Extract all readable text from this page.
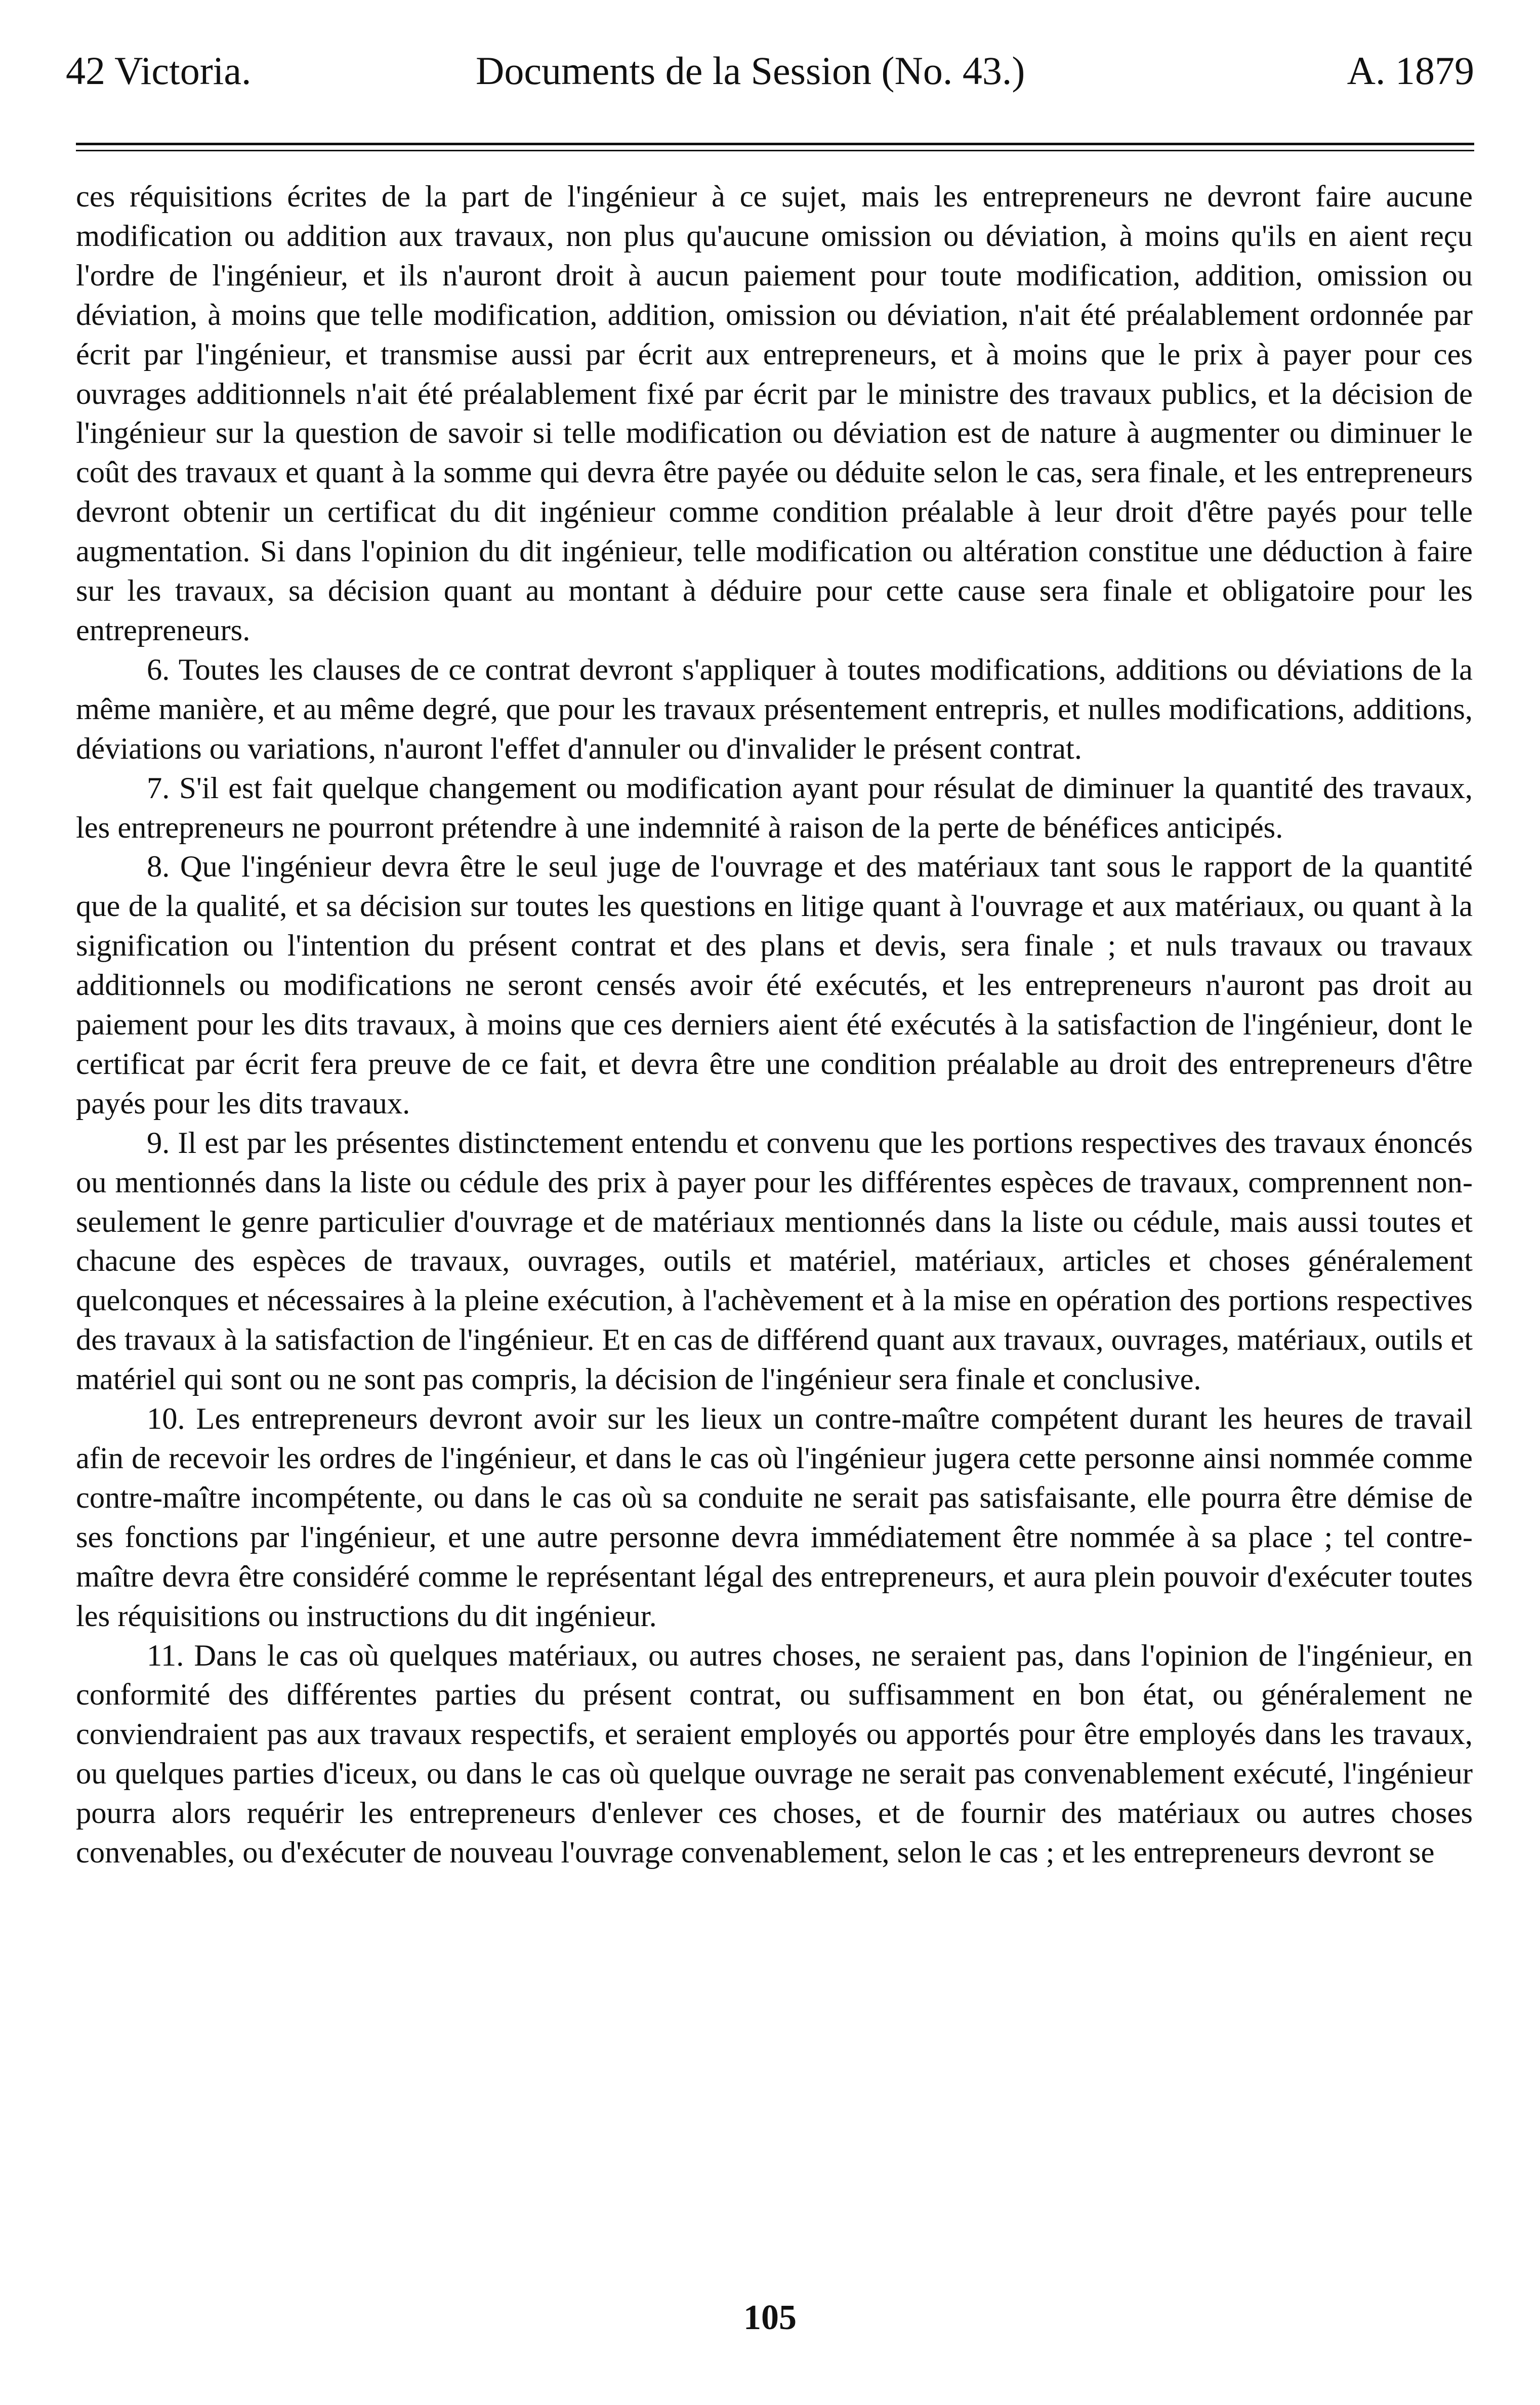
42 Victoria.	Documents de la Session (No. 43.)	A. 1879

ces réquisitions écrites de la part de l'ingénieur à ce sujet, mais les entrepreneurs ne devront faire aucune modification ou addition aux travaux, non plus qu'aucune omission ou déviation, à moins qu'ils en aient reçu l'ordre de l'ingénieur, et ils n'auront droit à aucun paiement pour toute modification, addition, omission ou déviation, à moins que telle modification, addition, omission ou déviation, n'ait été préalablement ordonnée par écrit par l'ingénieur, et transmise aussi par écrit aux entrepreneurs, et à moins que le prix à payer pour ces ouvrages additionnels n'ait été préalablement fixé par écrit par le ministre des travaux publics, et la décision de l'ingénieur sur la question de savoir si telle modification ou déviation est de nature à augmenter ou diminuer le coût des travaux et quant à la somme qui devra être payée ou déduite selon le cas, sera finale, et les entrepreneurs devront obtenir un certificat du dit ingénieur comme condition préalable à leur droit d'être payés pour telle augmentation. Si dans l'opinion du dit ingénieur, telle modification ou altération constitue une déduction à faire sur les travaux, sa décision quant au montant à déduire pour cette cause sera finale et obligatoire pour les entrepreneurs.

6. Toutes les clauses de ce contrat devront s'appliquer à toutes modifications, additions ou déviations de la même manière, et au même degré, que pour les travaux présentement entrepris, et nulles modifications, additions, déviations ou variations, n'auront l'effet d'annuler ou d'invalider le présent contrat.

7. S'il est fait quelque changement ou modification ayant pour résulat de diminuer la quantité des travaux, les entrepreneurs ne pourront prétendre à une indemnité à raison de la perte de bénéfices anticipés.

8. Que l'ingénieur devra être le seul juge de l'ouvrage et des matériaux tant sous le rapport de la quantité que de la qualité, et sa décision sur toutes les questions en litige quant à l'ouvrage et aux matériaux, ou quant à la signification ou l'intention du présent contrat et des plans et devis, sera finale ; et nuls travaux ou travaux additionnels ou modifications ne seront censés avoir été exécutés, et les entrepreneurs n'auront pas droit au paiement pour les dits travaux, à moins que ces derniers aient été exécutés à la satisfaction de l'ingénieur, dont le certificat par écrit fera preuve de ce fait, et devra être une condition préalable au droit des entrepreneurs d'être payés pour les dits travaux.

9. Il est par les présentes distinctement entendu et convenu que les portions respectives des travaux énoncés ou mentionnés dans la liste ou cédule des prix à payer pour les différentes espèces de travaux, comprennent non-seulement le genre particulier d'ouvrage et de matériaux mentionnés dans la liste ou cédule, mais aussi toutes et chacune des espèces de travaux, ouvrages, outils et matériel, matériaux, articles et choses généralement quelconques et nécessaires à la pleine exécution, à l'achèvement et à la mise en opération des portions respectives des travaux à la satisfaction de l'ingénieur. Et en cas de différend quant aux travaux, ouvrages, matériaux, outils et matériel qui sont ou ne sont pas compris, la décision de l'ingénieur sera finale et conclusive.

10. Les entrepreneurs devront avoir sur les lieux un contre-maître compétent durant les heures de travail afin de recevoir les ordres de l'ingénieur, et dans le cas où l'ingénieur jugera cette personne ainsi nommée comme contre-maître incompétente, ou dans le cas où sa conduite ne serait pas satisfaisante, elle pourra être démise de ses fonctions par l'ingénieur, et une autre personne devra immédiatement être nommée à sa place ; tel contre-maître devra être considéré comme le représentant légal des entrepreneurs, et aura plein pouvoir d'exécuter toutes les réquisitions ou instructions du dit ingénieur.

11. Dans le cas où quelques matériaux, ou autres choses, ne seraient pas, dans l'opinion de l'ingénieur, en conformité des différentes parties du présent contrat, ou suffisamment en bon état, ou généralement ne conviendraient pas aux travaux respectifs, et seraient employés ou apportés pour être employés dans les travaux, ou quelques parties d'iceux, ou dans le cas où quelque ouvrage ne serait pas convenablement exécuté, l'ingénieur pourra alors requérir les entrepreneurs d'enlever ces choses, et de fournir des matériaux ou autres choses convenables, ou d'exécuter de nouveau l'ouvrage convenablement, selon le cas ; et les entrepreneurs devront se

105
